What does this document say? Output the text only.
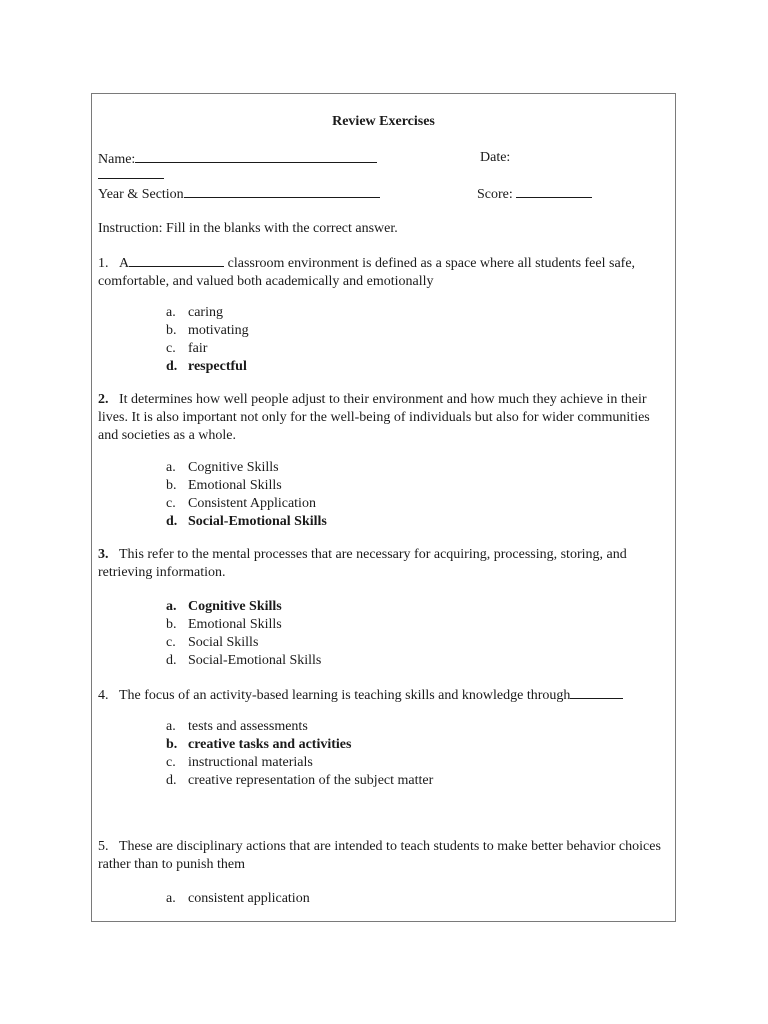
Review Exercises
Name:	Date:
Year & Section	Score:
Instruction: Fill in the blanks with the correct answer.
1. A	classroom environment is defined as a space where all students feel safe, comfortable, and valued both academically and emotionally
a. caring
b. motivating
c. fair
d. respectful
2. It determines how well people adjust to their environment and how much they achieve in their lives. It is also important not only for the well-being of individuals but also for wider communities and societies as a whole.
a. Cognitive Skills
b. Emotional Skills
c. Consistent Application
d. Social-Emotional Skills
3. This refer to the mental processes that are necessary for acquiring, processing, storing, and retrieving information.
a. Cognitive Skills
b. Emotional Skills
c. Social Skills
d. Social-Emotional Skills
4. The focus of an activity-based learning is teaching skills and knowledge through
a. tests and assessments
b. creative tasks and activities
c. instructional materials
d. creative representation of the subject matter
5. These are disciplinary actions that are intended to teach students to make better behavior choices rather than to punish them
a. consistent application
